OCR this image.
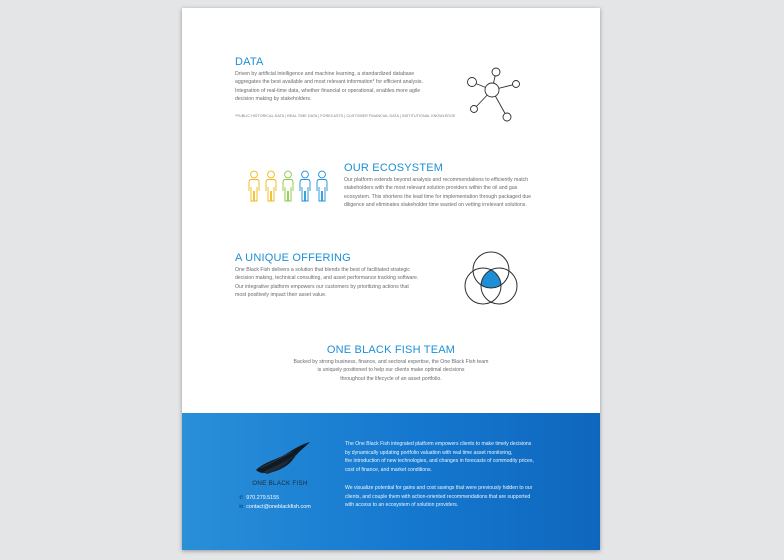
DATA
Driven by artificial intelligence and machine learning, a standardized database
aggregates the best available and most relevant information* for efficient analysis.
Integration of real-time data, whether financial or operational, enables more agile
decision making by stakeholders.

*PUBLIC HISTORICAL DATA | REAL TIME DATA | FORECASTS | CUSTOMER FINANCIAL DATA | INSTITUTIONAL KNOWLEDGE

OUR ECOSYSTEM
Our platform extends beyond analysis and recommendations to efficiently match
stakeholders with the most relevant solution providers within the oil and gas
ecosystem. This shortens the lead time for implementation through packaged due
diligence and eliminates stakeholder time wasted on vetting irrelevant solutions.
A UNIQUE OFFERING
One Black Fish delivers a solution that blends the best of facilitated strategic
decision making, technical consulting, and asset performance tracking software.
Our integrative platform empowers our customers by prioritizing actions that
most positively impact their asset value.
ONE BLACK FISH TEAM
Backed by strong business, finance, and sectoral expertise, the One Black Fish team
is uniquely positioned to help our clients make optimal decisions
throughout the lifecycle of an asset portfolio.

ONE BLACK FISH

✆ 970.279.5155

✉ contact@oneblackfish.com

The One Black Fish integrated platform empowers clients to make timely decisions
by dynamically updating portfolio valuation with real time asset monitoring,
the introduction of new technologies, and changes in forecasts of commodity prices,
cost of finance, and market conditions.
We visualize potential for gains and cost savings that were previously hidden to our
clients, and couple them with action-oriented recommendations that are supported
with access to an ecosystem of solution providers.
